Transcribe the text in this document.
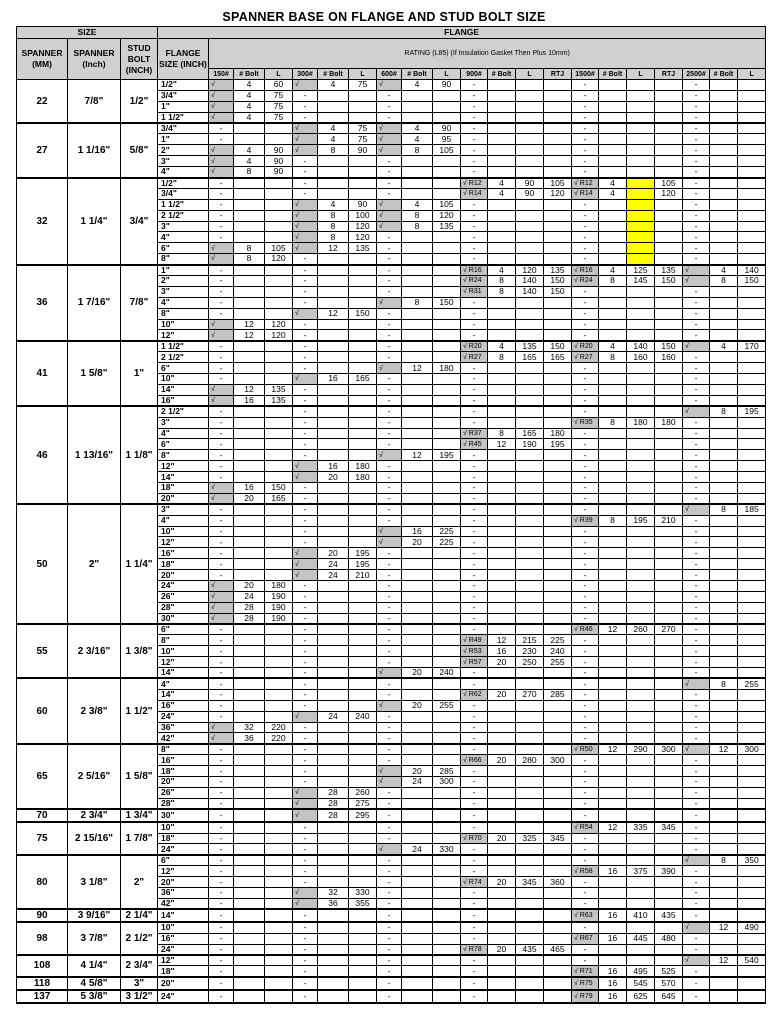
SPANNER BASE ON FLANGE AND STUD BOLT SIZE
SIZE			FLANGE																				
SPANNER (MM)	SPANNER (Inch)	STUD BOLT (INCH)	FLANGE SIZE (INCH)	RATING (L85) (If Insulation Gasket Then Plus 10mm)																			
				150#	# Bolt	L	300#	# Bolt	L	600#	# Bolt	L	900#	# Bolt	L	RTJ	1500#	# Bolt	L	RTJ	2500#	# Bolt	L
22	7/8"	1/2"	1/2"	√	4	60	√	4	75	√	4	90	-				-				-		
			3/4"	√	4	75	-			-			-				-				-		
			1"	√	4	75	-			-			-				-				-		
			1 1/2"	√	4	75	-			-			-				-				-		
27	1 1/16"	5/8"	3/4"	-			√	4	75	√	4	90	-				-				-		
			1"	-			√	4	75	√	4	95	-				-				-		
			2"	√	4	90	√	8	90	√	8	105	-				-				-		
			3"	√	4	90	-			-			-				-				-		
			4"	√	8	90	-			-			-				-				-		
32	1 1/4"	3/4"	1/2"	-			-			-			√ R12	4	90	105	√ R12	4		105	-		
			3/4"	-			-			-			√ R14	4	90	120	√ R14	4		120	-		
			1 1/2"	-			√	4	90	√	4	105	-				-				-		
			2 1/2"	-			√	8	100	√	8	120	-				-				-		
			3"	-			√	8	120	√	8	135	-				-				-		
			4"	-			√	8	120	-			-				-				-		
			6"	√	8	105	√	12	135	-			-				-				-		
			8"	√	8	120	-			-			-				-				-		
36	1 7/16"	7/8"	1"	-			-			-			√ R16	4	120	135	√ R16	4	125	135	√	4	140
			2"	-			-			-			√ R24	8	140	150	√ R24	8	145	150	√	8	150
			3"	-			-			-			√ R31	8	140	150	-				-		
			4"	-			-			√	8	150	-				-				-		
			8"	-			√	12	150	-			-				-				-		
			10"	√	12	120	-			-			-				-				-		
			12"	√	12	120	-			-			-				-				-		
41	1 5/8"	1"	1 1/2"	-			-			-			√ R20	4	135	150	√ R20	4	140	150	√	4	170
			2 1/2"	-			-			-			√ R27	8	165	165	√ R27	8	160	160	-		
			6"	-			-			√	12	180	-				-				-		
			10"	-			√	16	165	-			-				-				-		
			14"	√	12	135	-			-			-				-				-		
			16"	√	16	135	-			-			-				-				-		
46	1 13/16"	1 1/8"	2 1/2"	-			-			-			-				-				√	8	195
			3"	-			-			-			-				√ R35	8	180	180	-		
			4"	-			-			-			√ R37	8	165	180	-				-		
			6"	-			-			-			√ R45	12	190	195	-				-		
			8"	-			-			√	12	195	-				-				-		
			12"	-			√	16	180	-			-				-				-		
			14"	-			√	20	180	-			-				-				-		
			18"	√	16	150	-			-			-				-				-		
			20"	√	20	165	-			-			-				-				-		
50	2"	1 1/4"	3"	-			-			-			-				-				√	8	185
			4"	-			-			-			-				√ R39	8	195	210	-		
			10"	-			-			√	16	225	-				-				-		
			12"	-			-			√	20	225	-				-				-		
			16"	-			√	20	195	-			-				-				-		
			18"	-			√	24	195	-			-				-				-		
			20"	-			√	24	210	-			-				-				-		
			24"	√	20	180	-			-			-				-				-		
			26"	√	24	190	-			-			-				-				-		
			28"	√	28	190	-			-			-				-				-		
			30"	√	28	190	-			-			-				-				-		
55	2 3/16"	1 3/8"	6"	-			-			-			-				√ R46	12	260	270	-		
			8"	-			-			-			√ R49	12	215	225	-				-		
			10"	-			-			-			√ R53	16	230	240	-				-		
			12"	-			-			-			√ R57	20	250	255	-				-		
			14"	-			-			√	20	240	-				-				-		
60	2 3/8"	1 1/2"	4"	-			-			-			-				-				√	8	255
			14"	-			-			-			√ R62	20	270	285	-				-		
			16"	-			-			√	20	255	-				-				-		
			24"	-			√	24	240	-			-				-				-		
			36"	√	32	220	-			-			-				-				-		
			42"	√	36	220	-			-			-				-				-		
65	2 5/16"	1 5/8"	8"	-			-			-			-				√ R50	12	290	300	√	12	300
			16"	-			-			-			√ R66	20	280	300	-				-		
			18"	-			-			√	20	285	-				-				-		
			20"	-			-			√	24	300	-				-				-		
			26"	-			√	28	260	-			-				-				-		
			28"	-			√	28	275	-			-				-				-		
70	2 3/4"	1 3/4"	30"	-			√	28	295	-			-				-				-		
75	2 15/16"	1 7/8"	10"	-			-			-			-				√ R54	12	335	345	-		
			18"	-			-			-			√ R70	20	325	345	-				-		
			24"	-			-			√	24	330	-				-				-		
80	3 1/8"	2"	6"	-			-			-			-				-				√	8	350
			12"	-			-			-			-				√ R58	16	375	390	-		
			20"	-			-			-			√ R74	20	345	360	-				-		
			36"	-			√	32	330	-			-				-				-		
			42"	-			√	36	355	-			-				-				-		
90	3 9/16"	2 1/4"	14"	-			-			-			-				√ R63	16	410	435	-		
98	3 7/8"	2 1/2"	10"	-			-			-			-				-				√	12	490
			16"	-			-			-			-				√ R67	16	445	480	-		
			24"	-			-			-			√ R78	20	435	465	-				-		
108	4 1/4"	2 3/4"	12"	-			-			-			-				-				√	12	540
			18"	-			-			-			-				√ R71	16	495	525	-		
118	4 5/8"	3"	20"	-			-			-			-				√ R75	16	545	570	-		
137	5 3/8"	3 1/2"	24"	-			-			-			-				√ R79	16	625	645	-		
